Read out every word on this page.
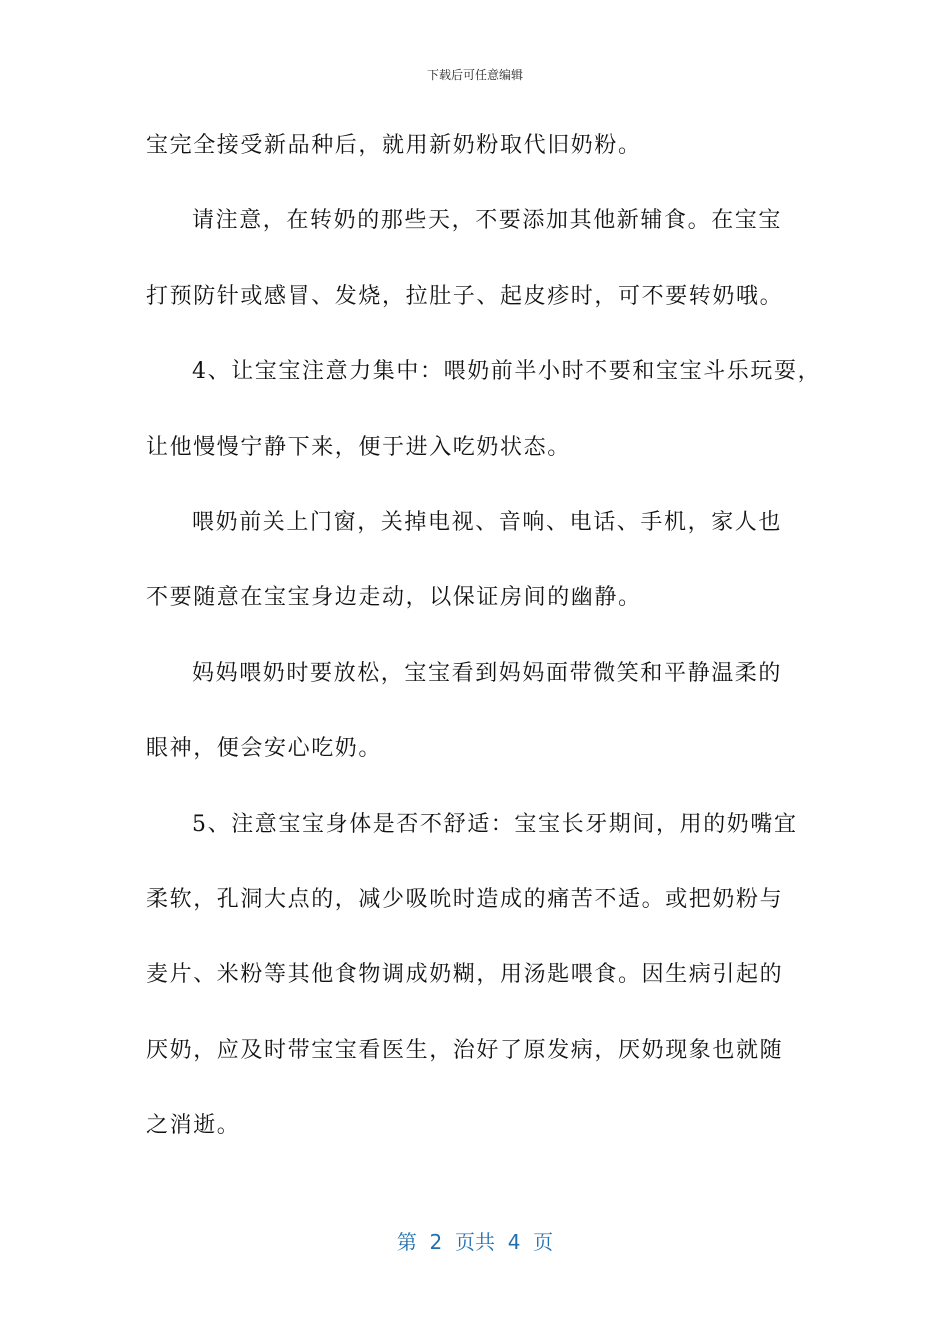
下载后可任意编辑
宝完全接受新品种后，就用新奶粉取代旧奶粉。
请注意，在转奶的那些天，不要添加其他新辅食。在宝宝
打预防针或感冒、发烧，拉肚子、起皮疹时，可不要转奶哦。
4、让宝宝注意力集中：喂奶前半小时不要和宝宝斗乐玩耍，
让他慢慢宁静下来，便于进入吃奶状态。
喂奶前关上门窗，关掉电视、音响、电话、手机，家人也
不要随意在宝宝身边走动，以保证房间的幽静。
妈妈喂奶时要放松，宝宝看到妈妈面带微笑和平静温柔的
眼神，便会安心吃奶。
5、注意宝宝身体是否不舒适：宝宝长牙期间，用的奶嘴宜
柔软，孔洞大点的，减少吸吮时造成的痛苦不适。或把奶粉与
麦片、米粉等其他食物调成奶糊，用汤匙喂食。因生病引起的
厌奶，应及时带宝宝看医生，治好了原发病，厌奶现象也就随
之消逝。
第  2  页共  4  页
